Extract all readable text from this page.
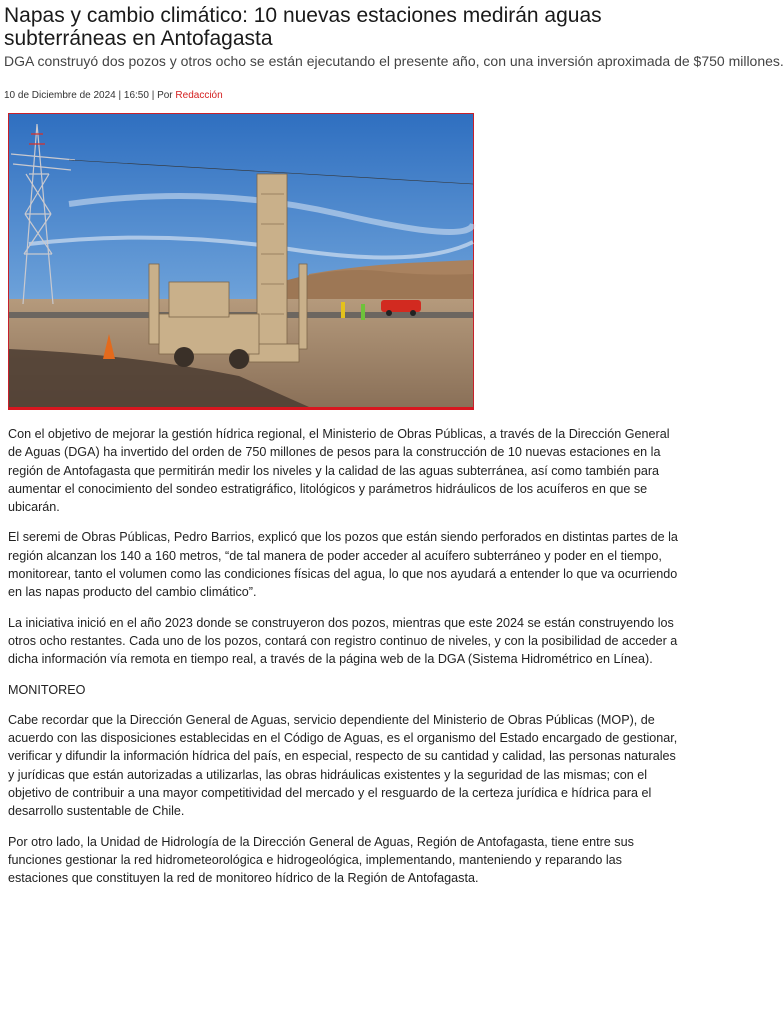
Napas y cambio climático: 10 nuevas estaciones medirán aguas subterráneas en Antofagasta

DGA construyó dos pozos y otros ocho se están ejecutando el presente año, con una inversión aproximada de $750 millones.

10 de Diciembre de 2024 | 16:50 | Por Redacción

Con el objetivo de mejorar la gestión hídrica regional, el Ministerio de Obras Públicas, a través de la Dirección General de Aguas (DGA) ha invertido del orden de 750 millones de pesos para la construcción de 10 nuevas estaciones en la región de Antofagasta que permitirán medir los niveles y la calidad de las aguas subterránea, así como también para aumentar el conocimiento del sondeo estratigráfico, litológicos y parámetros hidráulicos de los acuíferos en que se ubicarán.

El seremi de Obras Públicas, Pedro Barrios, explicó que los pozos que están siendo perforados en distintas partes de la región alcanzan los 140 a 160 metros, “de tal manera de poder acceder al acuífero subterráneo y poder en el tiempo, monitorear, tanto el volumen como las condiciones físicas del agua, lo que nos ayudará a entender lo que va ocurriendo en las napas producto del cambio climático”.

La iniciativa inició en el año 2023 donde se construyeron dos pozos, mientras que este 2024 se están construyendo los otros ocho restantes. Cada uno de los pozos, contará con registro continuo de niveles, y con la posibilidad de acceder a dicha información vía remota en tiempo real, a través de la página web de la DGA (Sistema Hidrométrico en Línea).

MONITOREO

Cabe recordar que la Dirección General de Aguas, servicio dependiente del Ministerio de Obras Públicas (MOP), de acuerdo con las disposiciones establecidas en el Código de Aguas, es el organismo del Estado encargado de gestionar, verificar y difundir la información hídrica del país, en especial, respecto de su cantidad y calidad, las personas naturales y jurídicas que están autorizadas a utilizarlas, las obras hidráulicas existentes y la seguridad de las mismas; con el objetivo de contribuir a una mayor competitividad del mercado y el resguardo de la certeza jurídica e hídrica para el desarrollo sustentable de Chile.

Por otro lado, la Unidad de Hidrología de la Dirección General de Aguas, Región de Antofagasta, tiene entre sus funciones gestionar la red hidrometeorológica e hidrogeológica, implementando, manteniendo y reparando las estaciones que constituyen la red de monitoreo hídrico de la Región de Antofagasta.
